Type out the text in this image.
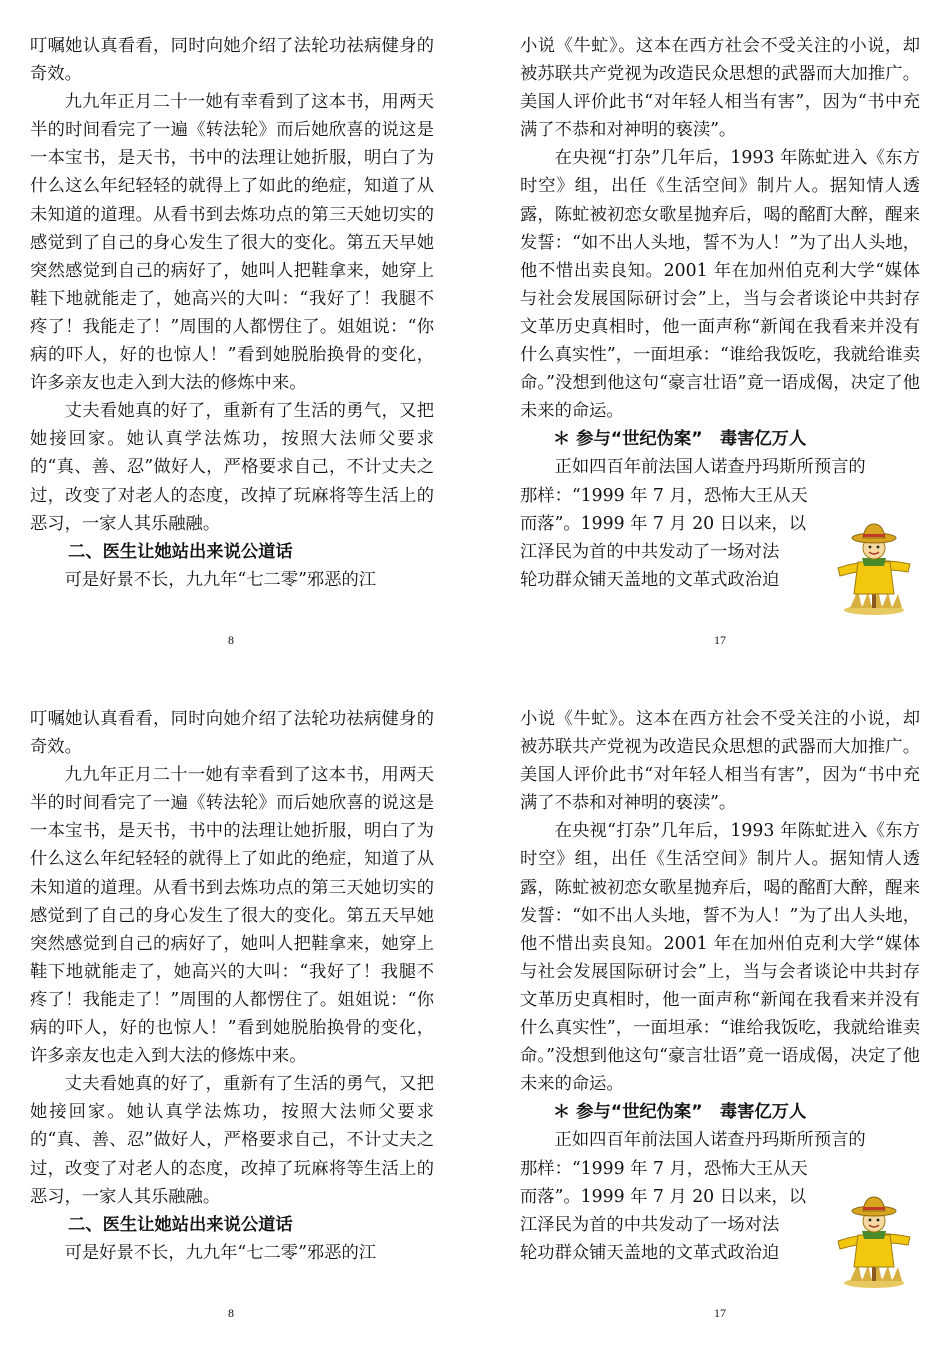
叮嘱她认真看看，同时向她介绍了法轮功祛病健身的奇效。

九九年正月二十一她有幸看到了这本书，用两天半的时间看完了一遍《转法轮》而后她欣喜的说这是一本宝书，是天书，书中的法理让她折服，明白了为什么这么年纪轻轻的就得上了如此的绝症，知道了从未知道的道理。从看书到去炼功点的第三天她切实的感觉到了自己的身心发生了很大的变化。第五天早她突然感觉到自己的病好了，她叫人把鞋拿来，她穿上鞋下地就能走了，她高兴的大叫：“我好了！我腿不疼了！我能走了！”周围的人都愣住了。姐姐说：“你病的吓人，好的也惊人！”看到她脱胎换骨的变化，许多亲友也走入到大法的修炼中来。

丈夫看她真的好了，重新有了生活的勇气，又把她接回家。她认真学法炼功，按照大法师父要求的“真、善、忍”做好人，严格要求自己，不计丈夫之过，改变了对老人的态度，改掉了玩麻将等生活上的恶习，一家人其乐融融。

二、医生让她站出来说公道话

可是好景不长，九九年“七二零”邪恶的江

8

小说《牛虻》。这本在西方社会不受关注的小说，却被苏联共产党视为改造民众思想的武器而大加推广。美国人评价此书“对年轻人相当有害”，因为“书中充满了不恭和对神明的亵渎”。

在央视“打杂”几年后，1993 年陈虻进入《东方时空》组，出任《生活空间》制片人。据知情人透露，陈虻被初恋女歌星抛弃后，喝的酩酊大醉，醒来发誓：“如不出人头地，誓不为人！”为了出人头地，他不惜出卖良知。2001 年在加州伯克利大学“媒体与社会发展国际研讨会”上，当与会者谈论中共封存文革历史真相时，他一面声称“新闻在我看来并没有什么真实性”，一面坦承：“谁给我饭吃，我就给谁卖命。”没想到他这句“豪言壮语”竟一语成偈，决定了他未来的命运。

＊ 参与“世纪伪案”　毒害亿万人

正如四百年前法国人诺查丹玛斯所预言的

那样：“1999 年 7 月，恐怖大王从天

而落”。1999 年 7 月 20 日以来，以

江泽民为首的中共发动了一场对法

轮功群众铺天盖地的文革式政治迫

17

叮嘱她认真看看，同时向她介绍了法轮功祛病健身的奇效。

九九年正月二十一她有幸看到了这本书，用两天半的时间看完了一遍《转法轮》而后她欣喜的说这是一本宝书，是天书，书中的法理让她折服，明白了为什么这么年纪轻轻的就得上了如此的绝症，知道了从未知道的道理。从看书到去炼功点的第三天她切实的感觉到了自己的身心发生了很大的变化。第五天早她突然感觉到自己的病好了，她叫人把鞋拿来，她穿上鞋下地就能走了，她高兴的大叫：“我好了！我腿不疼了！我能走了！”周围的人都愣住了。姐姐说：“你病的吓人，好的也惊人！”看到她脱胎换骨的变化，许多亲友也走入到大法的修炼中来。

丈夫看她真的好了，重新有了生活的勇气，又把她接回家。她认真学法炼功，按照大法师父要求的“真、善、忍”做好人，严格要求自己，不计丈夫之过，改变了对老人的态度，改掉了玩麻将等生活上的恶习，一家人其乐融融。

二、医生让她站出来说公道话

可是好景不长，九九年“七二零”邪恶的江

8

小说《牛虻》。这本在西方社会不受关注的小说，却被苏联共产党视为改造民众思想的武器而大加推广。美国人评价此书“对年轻人相当有害”，因为“书中充满了不恭和对神明的亵渎”。

在央视“打杂”几年后，1993 年陈虻进入《东方时空》组，出任《生活空间》制片人。据知情人透露，陈虻被初恋女歌星抛弃后，喝的酩酊大醉，醒来发誓：“如不出人头地，誓不为人！”为了出人头地，他不惜出卖良知。2001 年在加州伯克利大学“媒体与社会发展国际研讨会”上，当与会者谈论中共封存文革历史真相时，他一面声称“新闻在我看来并没有什么真实性”，一面坦承：“谁给我饭吃，我就给谁卖命。”没想到他这句“豪言壮语”竟一语成偈，决定了他未来的命运。

＊ 参与“世纪伪案”　毒害亿万人

正如四百年前法国人诺查丹玛斯所预言的

那样：“1999 年 7 月，恐怖大王从天

而落”。1999 年 7 月 20 日以来，以

江泽民为首的中共发动了一场对法

轮功群众铺天盖地的文革式政治迫

17
